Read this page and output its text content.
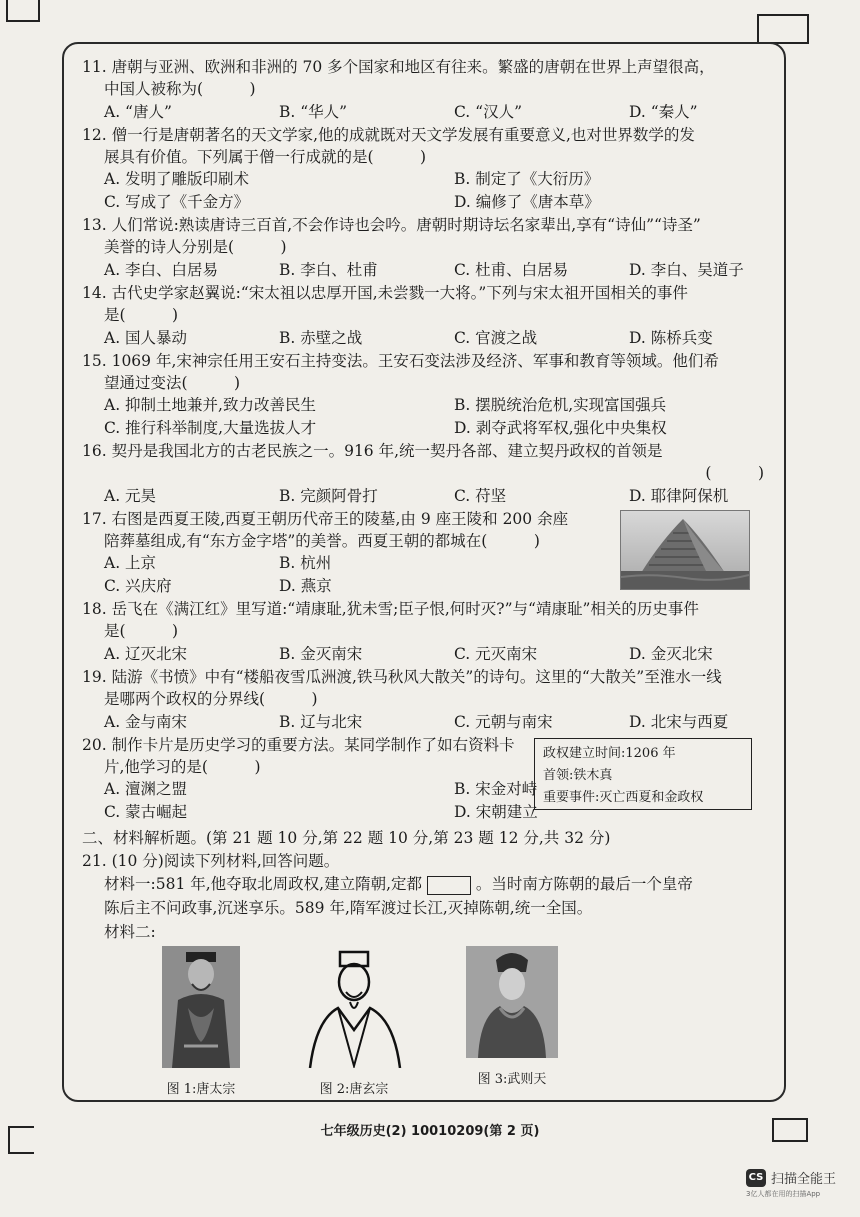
11. 唐朝与亚洲、欧洲和非洲的 70 多个国家和地区有往来。繁盛的唐朝在世界上声望很高，

中国人被称为(　　　)

A. “唐人”	B. “华人”	C. “汉人”	D. “秦人”

12. 僧一行是唐朝著名的天文学家,他的成就既对天文学发展有重要意义,也对世界数学的发

展具有价值。下列属于僧一行成就的是(　　　)

A. 发明了雕版印刷术	B. 制定了《大衍历》
C. 写成了《千金方》	D. 编修了《唐本草》

13. 人们常说:熟读唐诗三百首,不会作诗也会吟。唐朝时期诗坛名家辈出,享有“诗仙”“诗圣”

美誉的诗人分别是(　　　)

A. 李白、白居易	B. 李白、杜甫	C. 杜甫、白居易	D. 李白、吴道子

14. 古代史学家赵翼说:“宋太祖以忠厚开国,未尝戮一大将。”下列与宋太祖开国相关的事件

是(　　　)

A. 国人暴动	B. 赤壁之战	C. 官渡之战	D. 陈桥兵变

15. 1069 年,宋神宗任用王安石主持变法。王安石变法涉及经济、军事和教育等领域。他们希

望通过变法(　　　)

A. 抑制土地兼并,致力改善民生	B. 摆脱统治危机,实现富国强兵
C. 推行科举制度,大量选拔人才	D. 剥夺武将军权,强化中央集权

16. 契丹是我国北方的古老民族之一。916 年,统一契丹各部、建立契丹政权的首领是

(　　　)
A. 元昊	B. 完颜阿骨打	C. 苻坚	D. 耶律阿保机

17. 右图是西夏王陵,西夏王朝历代帝王的陵墓,由 9 座王陵和 200 余座

陪葬墓组成,有“东方金字塔”的美誉。西夏王朝的都城在(　　　)

A. 上京	B. 杭州
C. 兴庆府	D. 燕京

18. 岳飞在《满江红》里写道:“靖康耻,犹未雪;臣子恨,何时灭?”与“靖康耻”相关的历史事件

是(　　　)

A. 辽灭北宋	B. 金灭南宋	C. 元灭南宋	D. 金灭北宋

19. 陆游《书愤》中有“楼船夜雪瓜洲渡,铁马秋风大散关”的诗句。这里的“大散关”至淮水一线

是哪两个政权的分界线(　　　)

A. 金与南宋	B. 辽与北宋	C. 元朝与南宋	D. 北宋与西夏

20. 制作卡片是历史学习的重要方法。某同学制作了如右资料卡

片,他学习的是(　　　)

A. 澶渊之盟	B. 宋金对峙
C. 蒙古崛起	D. 宋朝建立
政权建立时间:1206 年
首领:铁木真
重要事件:灭亡西夏和金政权
二、材料解析题。(第 21 题 10 分,第 22 题 10 分,第 23 题 12 分,共 32 分)

21. (10 分)阅读下列材料,回答问题。

材料一:581 年,他夺取北周政权,建立隋朝,定都	。当时南方陈朝的最后一个皇帝
陈后主不问政事,沉迷享乐。589 年,隋军渡过长江,灭掉陈朝,统一全国。
材料二:
图 1:唐太宗	图 2:唐玄宗
图 3:武则天
七年级历史(2) 10010209(第 2 页)
CS 扫描全能王
3亿人都在用的扫描App
